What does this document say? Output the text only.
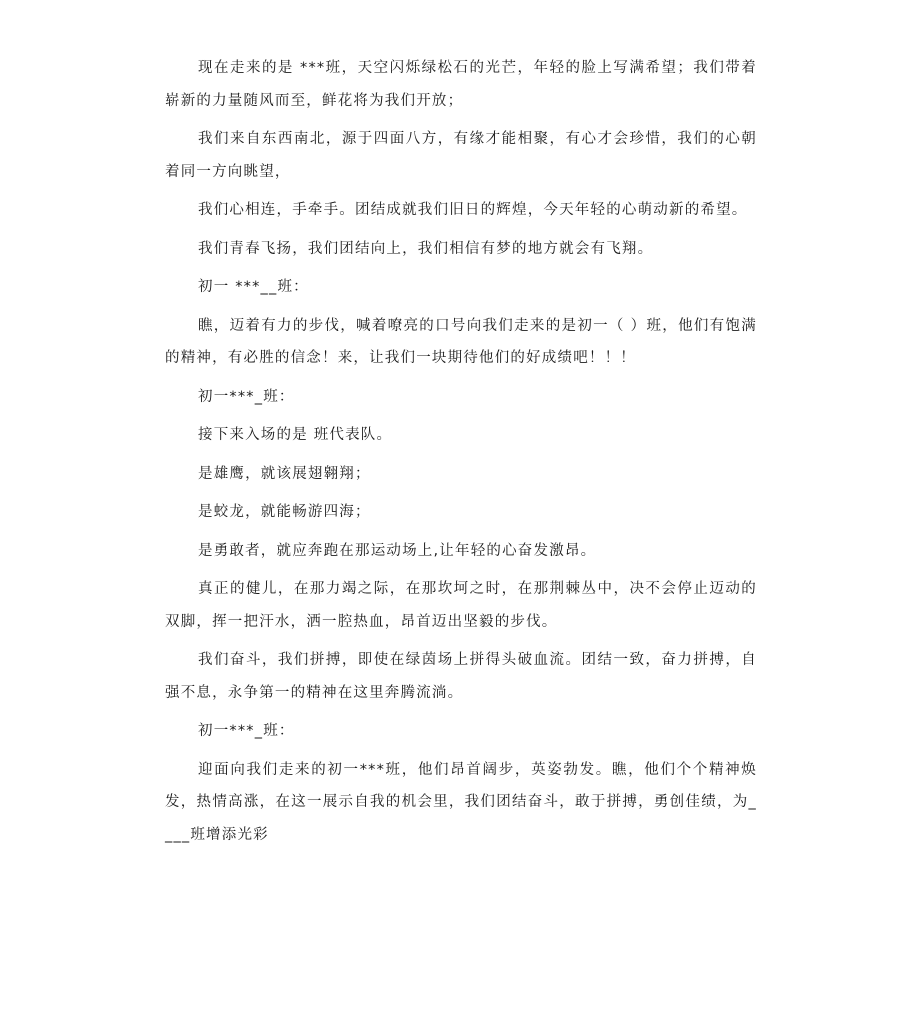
现在走来的是 ***班，天空闪烁绿松石的光芒，年轻的脸上写满希望；我们带着崭新的力量随风而至，鲜花将为我们开放；

我们来自东西南北，源于四面八方，有缘才能相聚，有心才会珍惜，我们的心朝着同一方向眺望，

我们心相连，手牵手。团结成就我们旧日的辉煌，今天年轻的心萌动新的希望。

我们青春飞扬，我们团结向上，我们相信有梦的地方就会有飞翔。

初一 ***__班：

瞧，迈着有力的步伐，喊着嘹亮的口号向我们走来的是初一（ ）班，他们有饱满的精神，有必胜的信念！来，让我们一块期待他们的好成绩吧！！！

初一***_班：

接下来入场的是 班代表队。

是雄鹰，就该展翅翱翔；

是蛟龙，就能畅游四海；

是勇敢者，就应奔跑在那运动场上,让年轻的心奋发激昂。

真正的健儿，在那力竭之际，在那坎坷之时，在那荆棘丛中，决不会停止迈动的双脚，挥一把汗水，洒一腔热血，昂首迈出坚毅的步伐。

我们奋斗，我们拼搏，即使在绿茵场上拼得头破血流。团结一致，奋力拼搏，自强不息，永争第一的精神在这里奔腾流淌。

初一***_班：

迎面向我们走来的初一***班，他们昂首阔步，英姿勃发。瞧，他们个个精神焕发，热情高涨，在这一展示自我的机会里，我们团结奋斗，敢于拼搏，勇创佳绩，为____班增添光彩
